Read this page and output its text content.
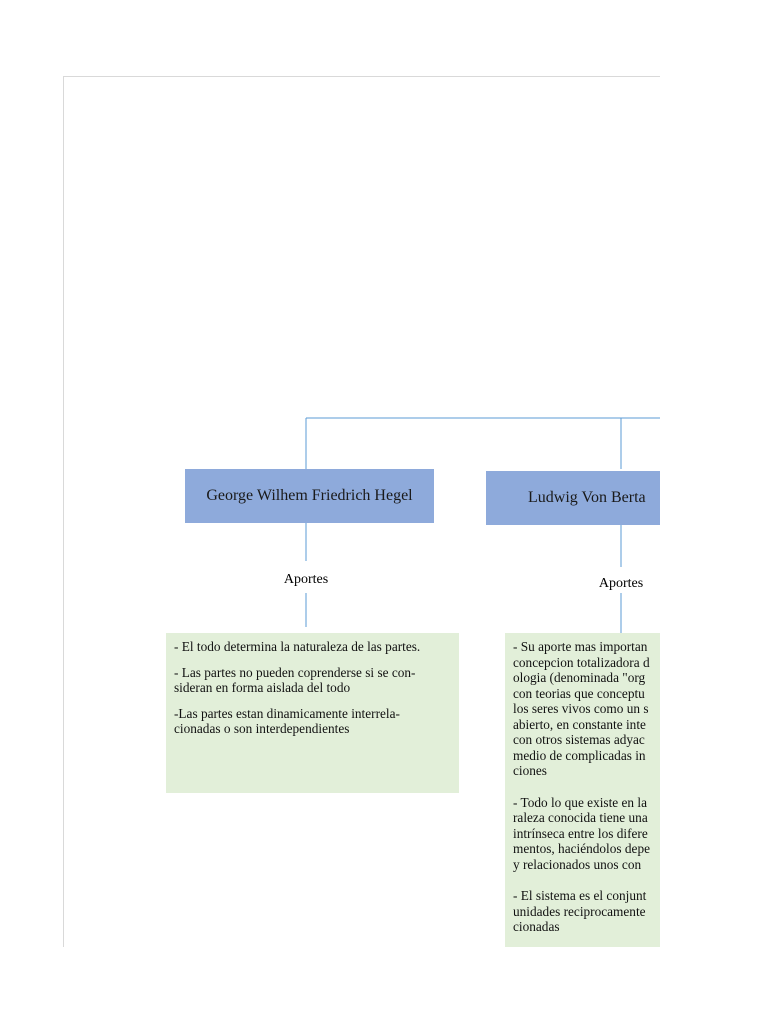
George Wilhem Friedrich Hegel
Aportes

- El todo determina la naturaleza de las partes.

- Las partes no pueden coprenderse si se con-
sideran en forma aislada del todo

-Las partes estan dinamicamente interrela-
cionadas o son interdependientes

Ludwig Von Berta
Aportes

- Su aporte mas importan
concepcion totalizadora d
ologia (denominada "org
con teorias que conceptu
los seres vivos como un s
abierto, en constante inte
con otros sistemas adyac
medio de complicadas in
ciones

- Todo lo que existe en la
raleza conocida tiene una
intrínseca entre los difere
mentos, haciéndolos depe
y relacionados unos con

- El sistema es el conjunt
unidades reciprocamente
cionadas
